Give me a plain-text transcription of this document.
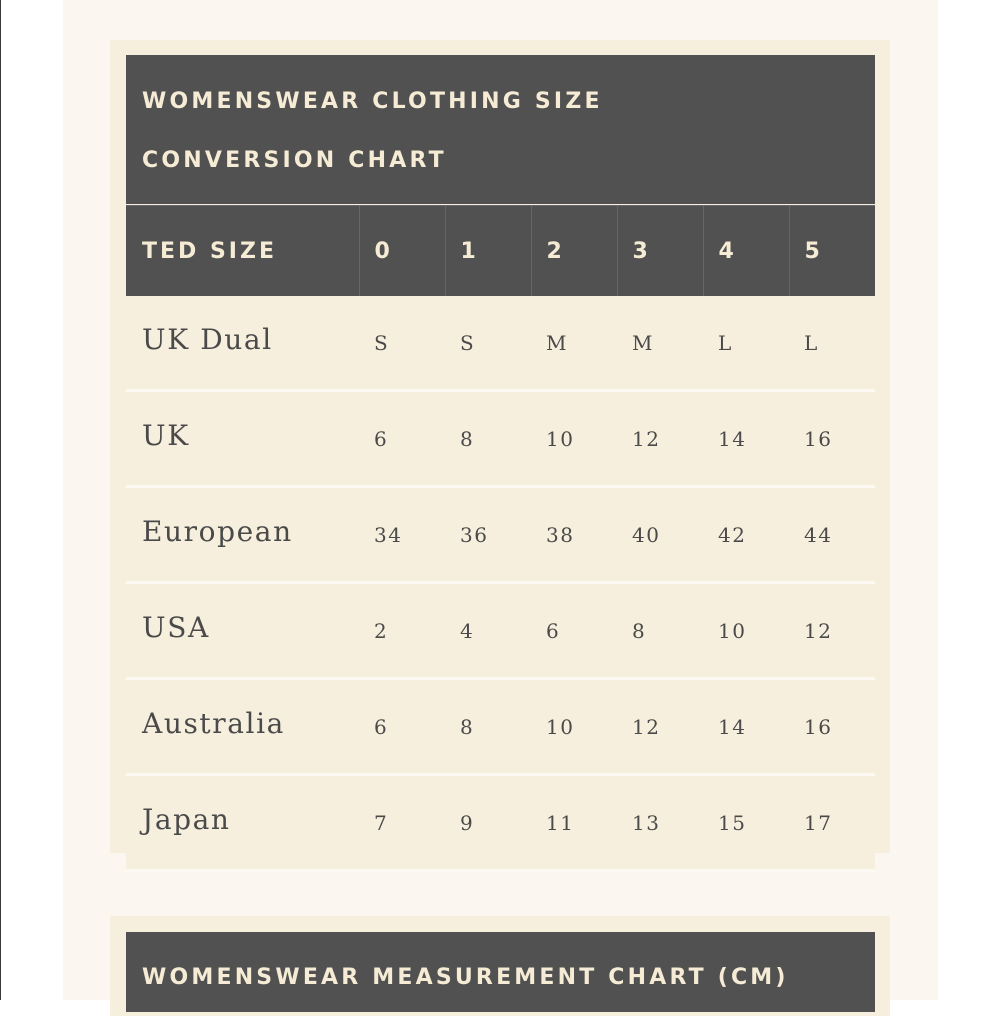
WOMENSWEAR CLOTHING SIZE
CONVERSION CHART
TED SIZE	0	1	2	3	4	5
UK Dual	S	S	M	M	L	L
UK	6	8	10	12	14	16
European	34	36	38	40	42	44
USA	2	4	6	8	10	12
Australia	6	8	10	12	14	16
Japan	7	9	11	13	15	17
WOMENSWEAR MEASUREMENT CHART (CM)
